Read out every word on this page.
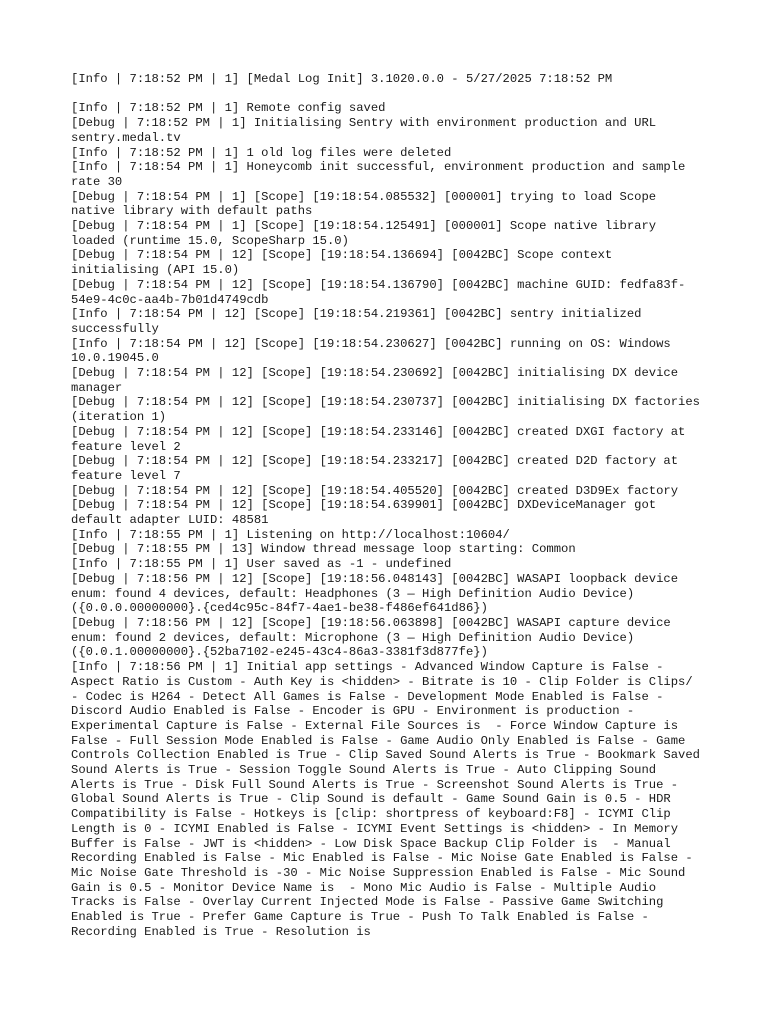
[Info | 7:18:52 PM | 1] [Medal Log Init] 3.1020.0.0 - 5/27/2025 7:18:52 PM

[Info | 7:18:52 PM | 1] Remote config saved

[Debug | 7:18:52 PM | 1] Initialising Sentry with environment production and URL sentry.medal.tv

[Info | 7:18:52 PM | 1] 1 old log files were deleted

[Info | 7:18:54 PM | 1] Honeycomb init successful, environment production and sample rate 30

[Debug | 7:18:54 PM | 1] [Scope] [19:18:54.085532] [000001] trying to load Scope native library with default paths

[Debug | 7:18:54 PM | 1] [Scope] [19:18:54.125491] [000001] Scope native library loaded (runtime 15.0, ScopeSharp 15.0)

[Debug | 7:18:54 PM | 12] [Scope] [19:18:54.136694] [0042BC] Scope context initialising (API 15.0)

[Debug | 7:18:54 PM | 12] [Scope] [19:18:54.136790] [0042BC] machine GUID: fedfa83f-54e9-4c0c-aa4b-7b01d4749cdb

[Info | 7:18:54 PM | 12] [Scope] [19:18:54.219361] [0042BC] sentry initialized successfully

[Info | 7:18:54 PM | 12] [Scope] [19:18:54.230627] [0042BC] running on OS: Windows 10.0.19045.0

[Debug | 7:18:54 PM | 12] [Scope] [19:18:54.230692] [0042BC] initialising DX device manager

[Debug | 7:18:54 PM | 12] [Scope] [19:18:54.230737] [0042BC] initialising DX factories (iteration 1)

[Debug | 7:18:54 PM | 12] [Scope] [19:18:54.233146] [0042BC] created DXGI factory at feature level 2

[Debug | 7:18:54 PM | 12] [Scope] [19:18:54.233217] [0042BC] created D2D factory at feature level 7

[Debug | 7:18:54 PM | 12] [Scope] [19:18:54.405520] [0042BC] created D3D9Ex factory

[Debug | 7:18:54 PM | 12] [Scope] [19:18:54.639901] [0042BC] DXDeviceManager got default adapter LUID: 48581

[Info | 7:18:55 PM | 1] Listening on http://localhost:10604/

[Debug | 7:18:55 PM | 13] Window thread message loop starting: Common

[Info | 7:18:55 PM | 1] User saved as -1 - undefined

[Debug | 7:18:56 PM | 12] [Scope] [19:18:56.048143] [0042BC] WASAPI loopback device enum: found 4 devices, default: Headphones (3 — High Definition Audio Device) ({0.0.0.00000000}.{ced4c95c-84f7-4ae1-be38-f486ef641d86})

[Debug | 7:18:56 PM | 12] [Scope] [19:18:56.063898] [0042BC] WASAPI capture device enum: found 2 devices, default: Microphone (3 — High Definition Audio Device) ({0.0.1.00000000}.{52ba7102-e245-43c4-86a3-3381f3d877fe})

[Info | 7:18:56 PM | 1] Initial app settings - Advanced Window Capture is False - Aspect Ratio is Custom - Auth Key is <hidden> - Bitrate is 10 - Clip Folder is Clips/ - Codec is H264 - Detect All Games is False - Development Mode Enabled is False - Discord Audio Enabled is False - Encoder is GPU - Environment is production - Experimental Capture is False - External File Sources is  - Force Window Capture is False - Full Session Mode Enabled is False - Game Audio Only Enabled is False - Game Controls Collection Enabled is True - Clip Saved Sound Alerts is True - Bookmark Saved Sound Alerts is True - Session Toggle Sound Alerts is True - Auto Clipping Sound Alerts is True - Disk Full Sound Alerts is True - Screenshot Sound Alerts is True - Global Sound Alerts is True - Clip Sound is default - Game Sound Gain is 0.5 - HDR Compatibility is False - Hotkeys is [clip: shortpress of keyboard:F8] - ICYMI Clip Length is 0 - ICYMI Enabled is False - ICYMI Event Settings is <hidden> - In Memory Buffer is False - JWT is <hidden> - Low Disk Space Backup Clip Folder is  - Manual Recording Enabled is False - Mic Enabled is False - Mic Noise Gate Enabled is False - Mic Noise Gate Threshold is -30 - Mic Noise Suppression Enabled is False - Mic Sound Gain is 0.5 - Monitor Device Name is  - Mono Mic Audio is False - Multiple Audio Tracks is False - Overlay Current Injected Mode is False - Passive Game Switching Enabled is True - Prefer Game Capture is True - Push To Talk Enabled is False - Recording Enabled is True - Resolution is
